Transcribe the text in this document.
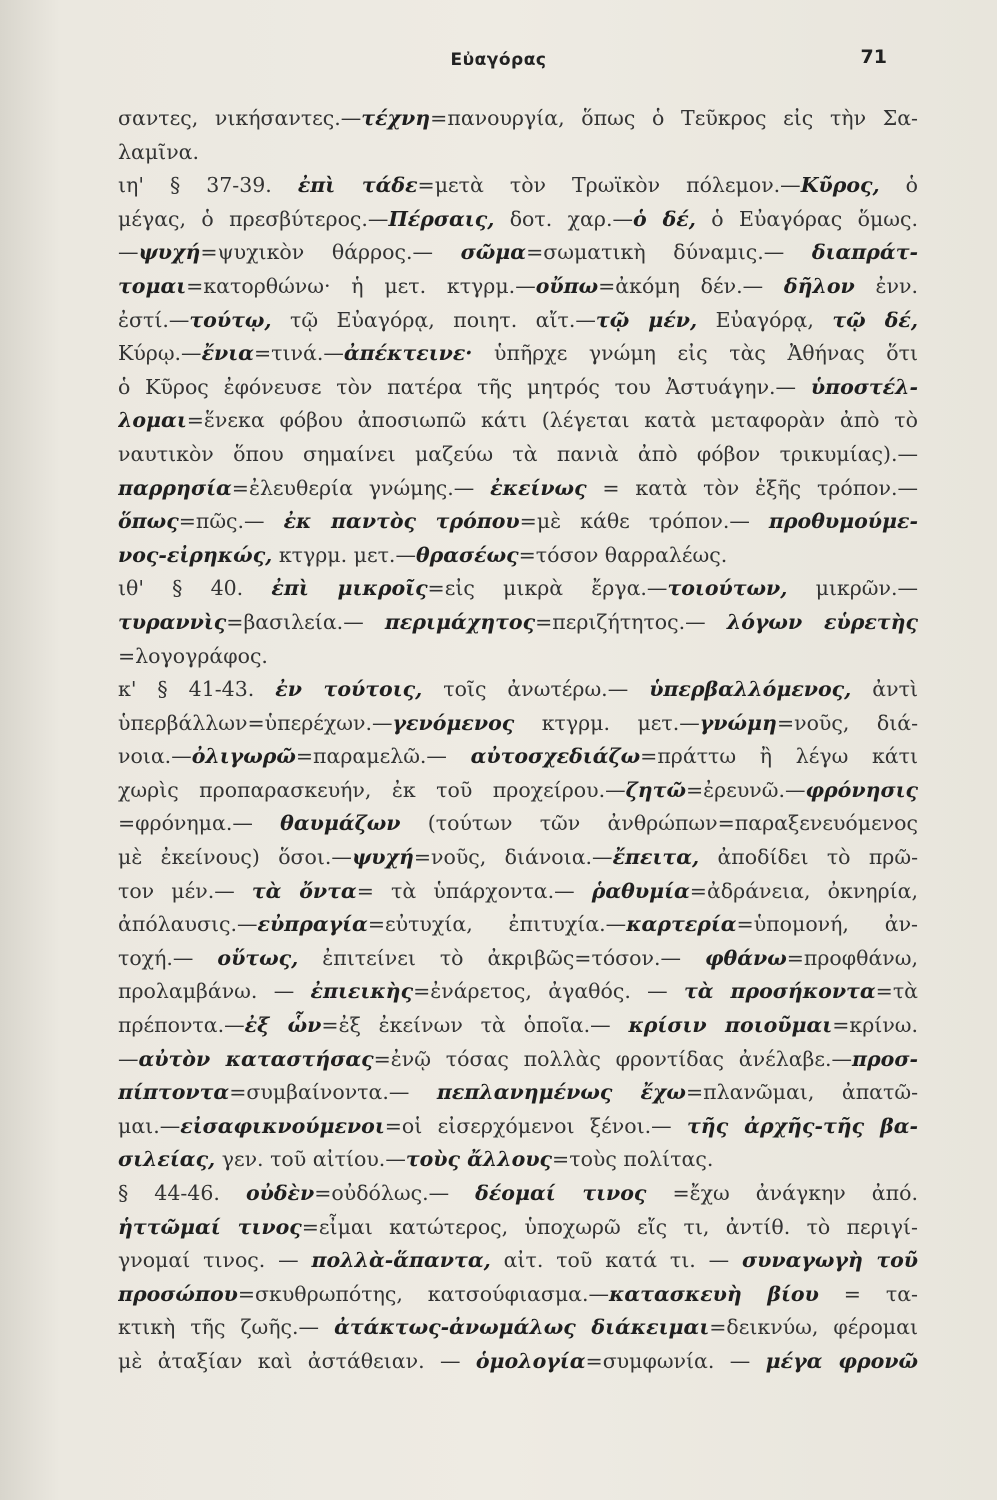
Εὐαγόρας	71
σαντες, νικήσαντες.—τέχνη=πανουργία, ὅπως ὁ Τεῦκρος εἰς τὴν Σα-
λαμῖνα.
ιη' § 37-39. ἐπὶ τάδε=μετὰ τὸν Τρωϊκὸν πόλεμον.—Κῦρος, ὁ
μέγας, ὁ πρεσβύτερος.—Πέρσαις, δοτ. χαρ.—ὁ δέ, ὁ Εὐαγόρας ὅμως.
—ψυχή=ψυχικὸν θάρρος.— σῶμα=σωματικὴ δύναμις.— διαπράτ-
τομαι=κατορθώνω· ἡ μετ. κτγρμ.—οὔπω=ἀκόμη δέν.— δῆλον ἐνν.
ἐστί.—τούτῳ, τῷ Εὐαγόρᾳ, ποιητ. αἴτ.—τῷ μέν, Εὐαγόρᾳ, τῷ δέ,
Κύρῳ.—ἔνια=τινά.—ἀπέκτεινε· ὑπῆρχε γνώμη εἰς τὰς Ἀθήνας ὅτι
ὁ Κῦρος ἐφόνευσε τὸν πατέρα τῆς μητρός του Ἀστυάγην.— ὑποστέλ-
λομαι=ἕνεκα φόβου ἀποσιωπῶ κάτι (λέγεται κατὰ μεταφορὰν ἀπὸ τὸ
ναυτικὸν ὅπου σημαίνει μαζεύω τὰ πανιὰ ἀπὸ φόβον τρικυμίας).—
παρρησία=ἐλευθερία γνώμης.— ἐκείνως = κατὰ τὸν ἑξῆς τρόπον.—
ὅπως=πῶς.— ἐκ παντὸς τρόπου=μὲ κάθε τρόπον.— προθυμούμε-
νος-εἰρηκώς, κτγρμ. μετ.—θρασέως=τόσον θαρραλέως.
ιθ' § 40. ἐπὶ μικροῖς=εἰς μικρὰ ἔργα.—τοιούτων, μικρῶν.—
τυραννὶς=βασιλεία.— περιμάχητος=περιζήτητος.— λόγων εὑρετὴς
=λογογράφος.
κ' § 41-43. ἐν τούτοις, τοῖς ἀνωτέρω.— ὑπερβαλλόμενος, ἀντὶ
ὑπερβάλλων=ὑπερέχων.—γενόμενος κτγρμ. μετ.—γνώμη=νοῦς, διά-
νοια.—ὀλιγωρῶ=παραμελῶ.— αὐτοσχεδιάζω=πράττω ἢ λέγω κάτι
χωρὶς προπαρασκευήν, ἐκ τοῦ προχείρου.—ζητῶ=ἐρευνῶ.—φρόνησις
=φρόνημα.— θαυμάζων (τούτων τῶν ἀνθρώπων=παραξενευόμενος
μὲ ἐκείνους) ὅσοι.—ψυχή=νοῦς, διάνοια.—ἔπειτα, ἀποδίδει τὸ πρῶ-
τον μέν.— τὰ ὄντα= τὰ ὑπάρχοντα.— ῥαθυμία=ἀδράνεια, ὀκνηρία,
ἀπόλαυσις.—εὐπραγία=εὐτυχία, ἐπιτυχία.—καρτερία=ὑπομονή, ἀν-
τοχή.— οὕτως, ἐπιτείνει τὸ ἀκριβῶς=τόσον.— φθάνω=προφθάνω,
προλαμβάνω. — ἐπιεικὴς=ἐνάρετος, ἀγαθός. — τὰ προσήκοντα=τὰ
πρέποντα.—ἐξ ὧν=ἐξ ἐκείνων τὰ ὁποῖα.— κρίσιν ποιοῦμαι=κρίνω.
—αὐτὸν καταστήσας=ἐνῷ τόσας πολλὰς φροντίδας ἀνέλαβε.—προσ-
πίπτοντα=συμβαίνοντα.— πεπλανημένως ἔχω=πλανῶμαι, ἀπατῶ-
μαι.—εἰσαφικνούμενοι=οἱ εἰσερχόμενοι ξένοι.— τῆς ἀρχῆς-τῆς βα-
σιλείας, γεν. τοῦ αἰτίου.—τοὺς ἄλλους=τοὺς πολίτας.
§ 44-46. οὐδὲν=οὐδόλως.— δέομαί τινος =ἔχω ἀνάγκην ἀπό.
ἡττῶμαί τινος=εἶμαι κατώτερος, ὑποχωρῶ εἴς τι, ἀντίθ. τὸ περιγί-
γνομαί τινος. — πολλὰ-ἅπαντα, αἰτ. τοῦ κατά τι. — συναγωγὴ τοῦ
προσώπου=σκυθρωπότης, κατσούφιασμα.—κατασκευὴ βίου = τα-
κτικὴ τῆς ζωῆς.— ἀτάκτως-ἀνωμάλως διάκειμαι=δεικνύω, φέρομαι
μὲ ἀταξίαν καὶ ἀστάθειαν. — ὁμολογία=συμφωνία. — μέγα φρονῶ
